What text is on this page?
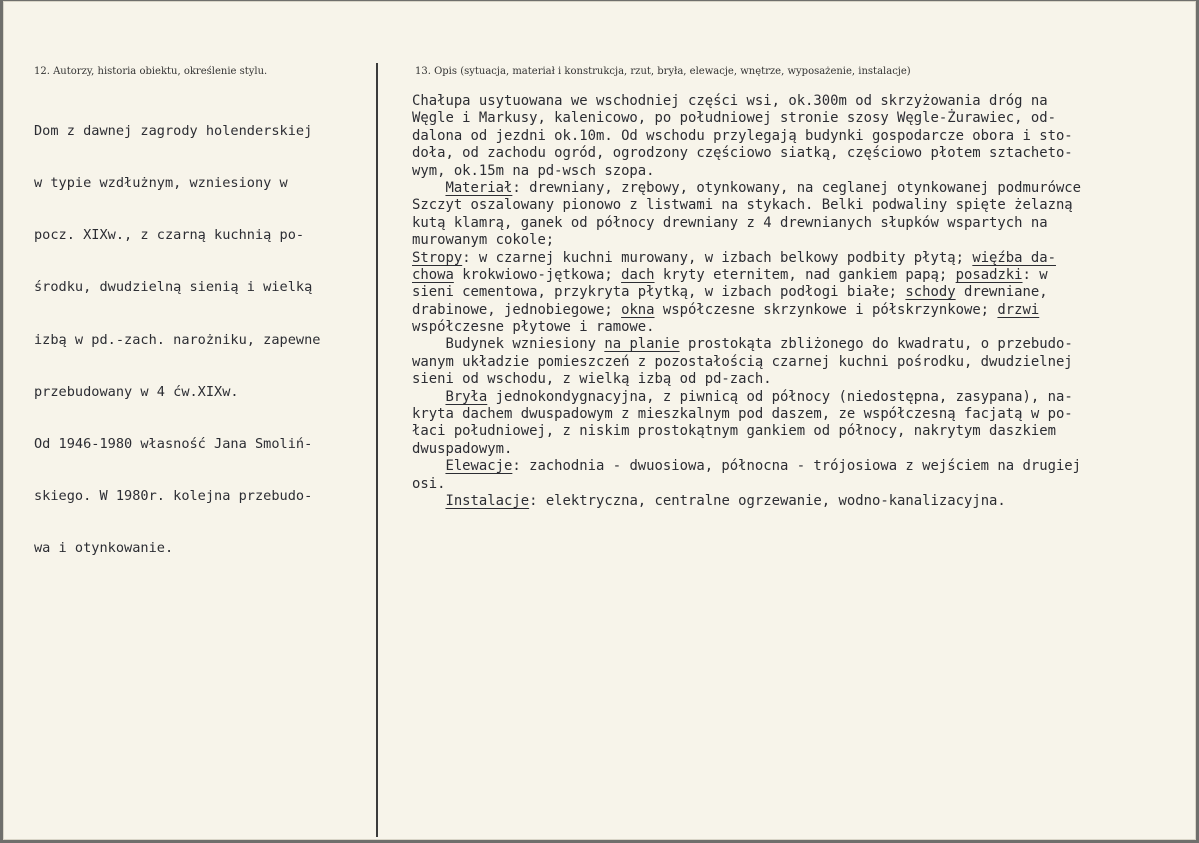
12. Autorzy, historia obiektu, określenie stylu.	13. Opis (sytuacja, materiał i konstrukcja, rzut, bryła, elewacje, wnętrze, wyposażenie, instalacje)

Dom z dawnej zagrody holenderskiej

w typie wzdłużnym, wzniesiony w

pocz. XIXw., z czarną kuchnią po-

środku, dwudzielną sienią i wielką

izbą w pd.-zach. narożniku, zapewne

przebudowany w 4 ćw.XIXw.

Od 1946-1980 własność Jana Smoliń-

skiego. W 1980r. kolejna przebudo-

wa i otynkowanie.

Chałupa usytuowana we wschodniej części wsi, ok.300m od skrzyżowania dróg na
Węgle i Markusy, kalenicowo, po południowej stronie szosy Węgle-Żurawiec, od-
dalona od jezdni ok.10m. Od wschodu przylegają budynki gospodarcze obora i sto-
doła, od zachodu ogród, ogrodzony częściowo siatką, częściowo płotem sztacheto-
wym, ok.15m na pd-wsch szopa.
Materiał: drewniany, zrębowy, otynkowany, na ceglanej otynkowanej podmurówce
Szczyt oszalowany pionowo z listwami na stykach. Belki podwaliny spięte żelazną
kutą klamrą, ganek od północy drewniany z 4 drewnianych słupków wspartych na
murowanym cokole;
Stropy: w czarnej kuchni murowany, w izbach belkowy podbity płytą; więźba da-
chowa krokwiowo-jętkowa; dach kryty eternitem, nad gankiem papą; posadzki: w
sieni cementowa, przykryta płytką, w izbach podłogi białe; schody drewniane,
drabinowe, jednobiegowe; okna współczesne skrzynkowe i półskrzynkowe; drzwi
współczesne płytowe i ramowe.
Budynek wzniesiony na planie prostokąta zbliżonego do kwadratu, o przebudo-
wanym układzie pomieszczeń z pozostałością czarnej kuchni pośrodku, dwudzielnej
sieni od wschodu, z wielką izbą od pd-zach.
Bryła jednokondygnacyjna, z piwnicą od północy (niedostępna, zasypana), na-
kryta dachem dwuspadowym z mieszkalnym pod daszem, ze współczesną facjatą w po-
łaci południowej, z niskim prostokątnym gankiem od północy, nakrytym daszkiem
dwuspadowym.
Elewacje: zachodnia - dwuosiowa, północna - trójosiowa z wejściem na drugiej
osi.
Instalacje: elektryczna, centralne ogrzewanie, wodno-kanalizacyjna.
